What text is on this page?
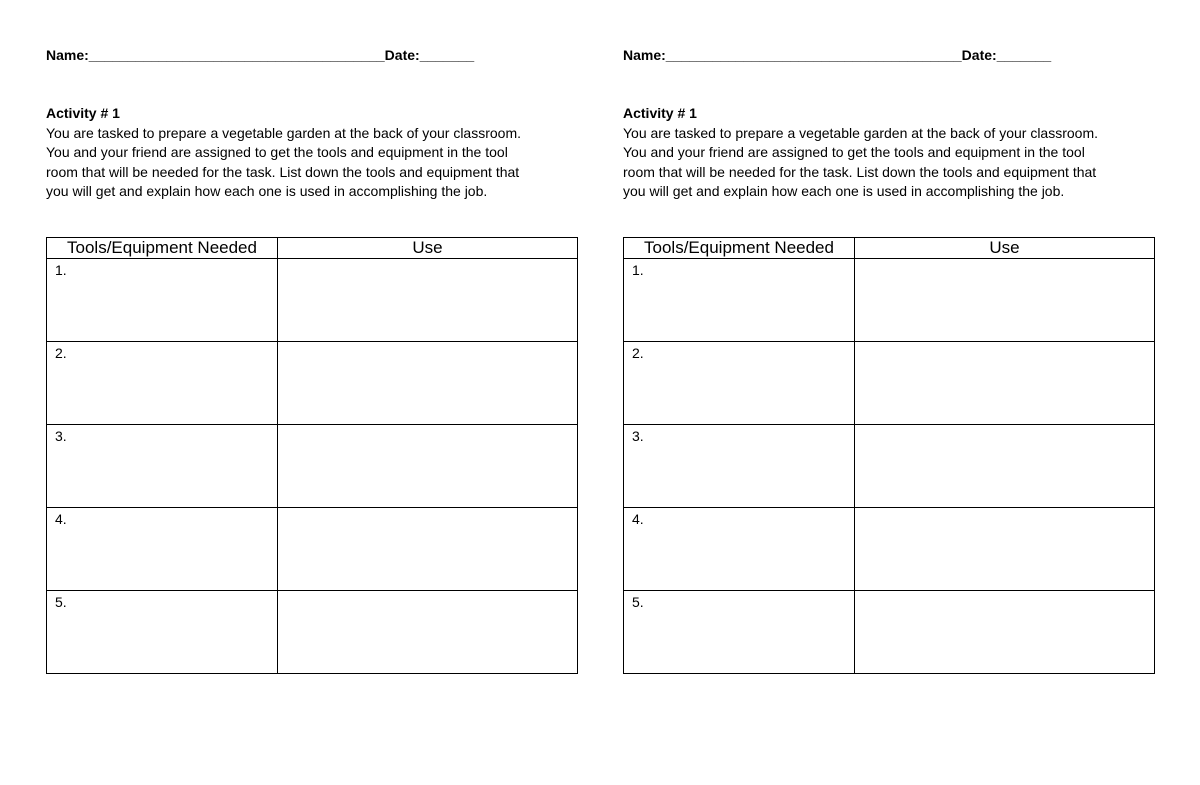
Name:______________________________________Date:_______
Activity # 1
You are tasked to prepare a vegetable garden at the back of your classroom.
You and your friend are assigned to get the tools and equipment in the tool
room that will be needed for the task. List down the tools and equipment that
you will get and explain how each one is used in accomplishing the job.
Tools/Equipment Needed	Use

1.	

2.	

3.	

4.	

5.	

Name:______________________________________Date:_______
Activity # 1
You are tasked to prepare a vegetable garden at the back of your classroom.
You and your friend are assigned to get the tools and equipment in the tool
room that will be needed for the task. List down the tools and equipment that
you will get and explain how each one is used in accomplishing the job.
Tools/Equipment Needed	Use

1.	

2.	

3.	

4.	

5.	
